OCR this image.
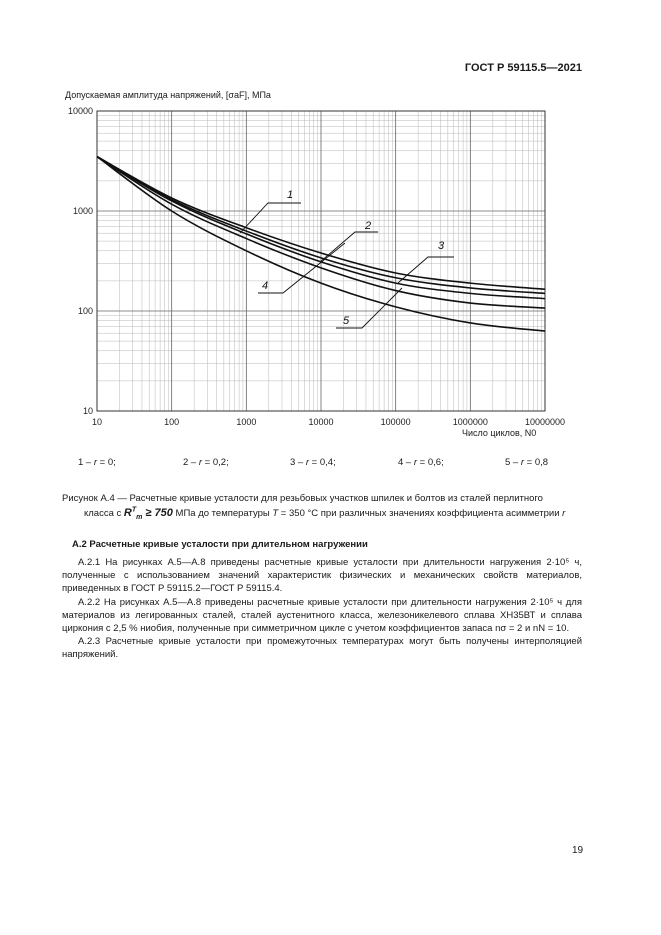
ГОСТ Р 59115.5—2021
Допускаемая амплитуда напряжений, [σaF], МПа
10	100	1000	10000	100000	1000000	10000000
10
100
1000
10000
1
2
3
4
5
Число циклов, N0
1 – r = 0;	2 – r = 0,2;	3 – r = 0,4;	4 – r = 0,6;	5 – r = 0,8
Рисунок А.4 — Расчетные кривые усталости для резьбовых участков шпилек и болтов из сталей перлитного
класса с $R^T_m \ge 750$ МПа до температуры T = 350 °С при различных значениях коэффициента асимметрии r
А.2 Расчетные кривые усталости при длительном нагружении

А.2.1 На рисунках А.5—А.8 приведены расчетные кривые усталости при длительности нагружения 2·10⁵ ч, полученные с использованием значений характеристик физических и механических свойств материалов, приведенных в ГОСТ Р 59115.2—ГОСТ Р 59115.4.

А.2.2 На рисунках А.5—А.8 приведены расчетные кривые усталости при длительности нагружения 2·10⁵ ч для материалов из легированных сталей, сталей аустенитного класса, железоникелевого сплава ХН35ВТ и сплава циркония с 2,5 % ниобия, полученные при симметричном цикле с учетом коэффициентов запаса nσ = 2 и nN = 10.

А.2.3 Расчетные кривые усталости при промежуточных температурах могут быть получены интерполяцией напряжений.

19
